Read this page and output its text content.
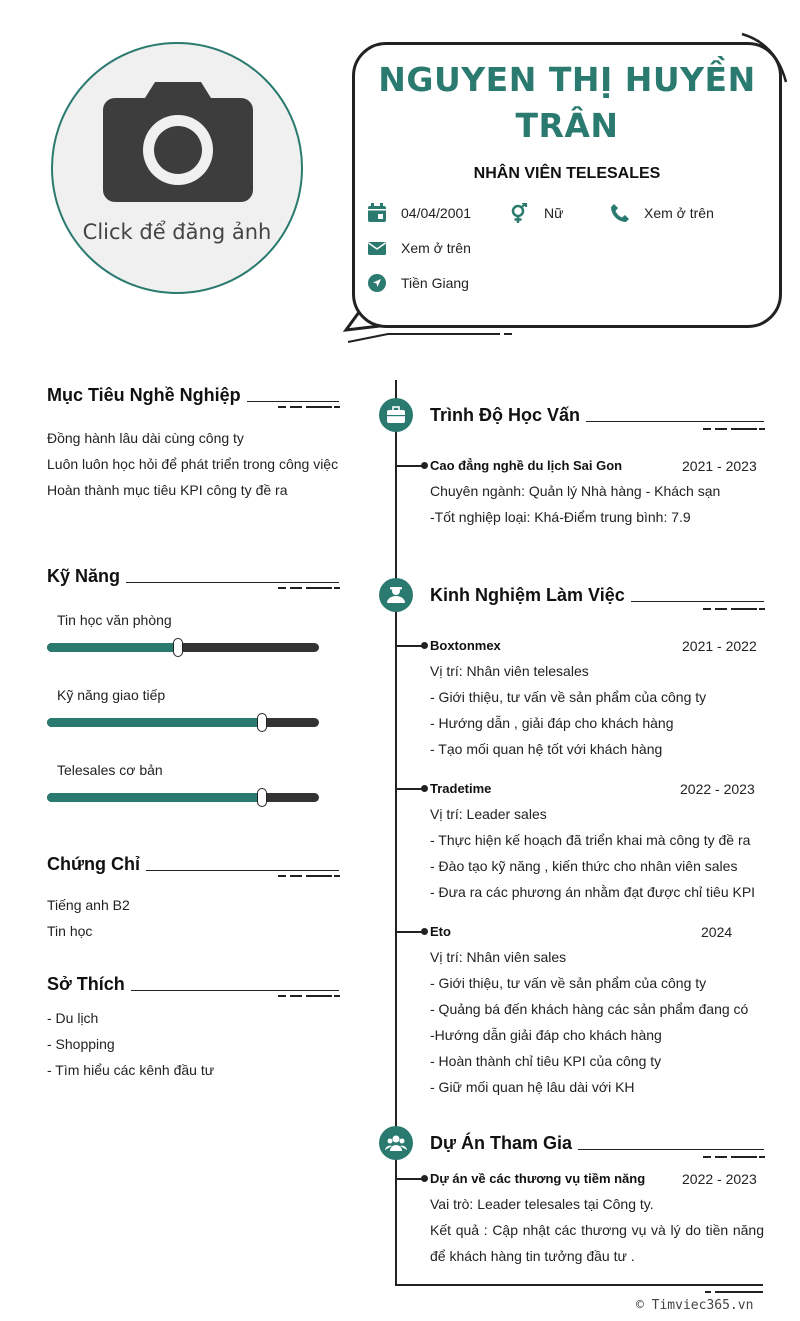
Click để đăng ảnh
NGUYEN THỊ HUYỀN
TRÂN
NHÂN VIÊN TELESALES
04/04/2001	Nữ	Xem ở trên
Xem ở trên
Tiền Giang
Mục Tiêu Nghề Nghiệp
Đồng hành lâu dài cùng công ty
Luôn luôn học hỏi để phát triển trong công việc
Hoàn thành mục tiêu KPI công ty đề ra
Kỹ Năng
Tin học văn phòng
Kỹ năng giao tiếp
Telesales cơ bản
Chứng Chỉ
Tiếng anh B2
Tin học
Sở Thích
- Du lịch
- Shopping
- Tìm hiểu các kênh đầu tư
Trình Độ Học Vấn
Cao đẳng nghề du lịch Sai Gon	2021 - 2023
Chuyên ngành: Quản lý Nhà hàng - Khách sạn
-Tốt nghiệp loại: Khá-Điểm trung bình: 7.9
Kinh Nghiệm Làm Việc
Boxtonmex	2021 - 2022
Vị trí: Nhân viên telesales
- Giới thiệu, tư vấn về sản phẩm của công ty
- Hướng dẫn , giải đáp cho khách hàng
- Tạo mối quan hệ tốt với khách hàng
Tradetime	2022 - 2023
Vị trí: Leader sales
- Thực hiện kế hoạch đã triển khai mà công ty đề ra
- Đào tạo kỹ năng , kiến thức cho nhân viên sales
- Đưa ra các phương án nhằm đạt được chỉ tiêu KPI
Eto	2024
Vị trí: Nhân viên sales
- Giới thiệu, tư vấn về sản phẩm của công ty
- Quảng bá đến khách hàng các sản phẩm đang có
-Hướng dẫn giải đáp cho khách hàng
- Hoàn thành chỉ tiêu KPI của công ty
- Giữ mối quan hệ lâu dài với KH
Dự Án Tham Gia
Dự án về các thương vụ tiềm năng	2022 - 2023
Vai trò: Leader telesales tại Công ty.
Kết quả : Cập nhật các thương vụ và lý do tiền năng để khách hàng tin tưởng đầu tư .
© Timviec365.vn
